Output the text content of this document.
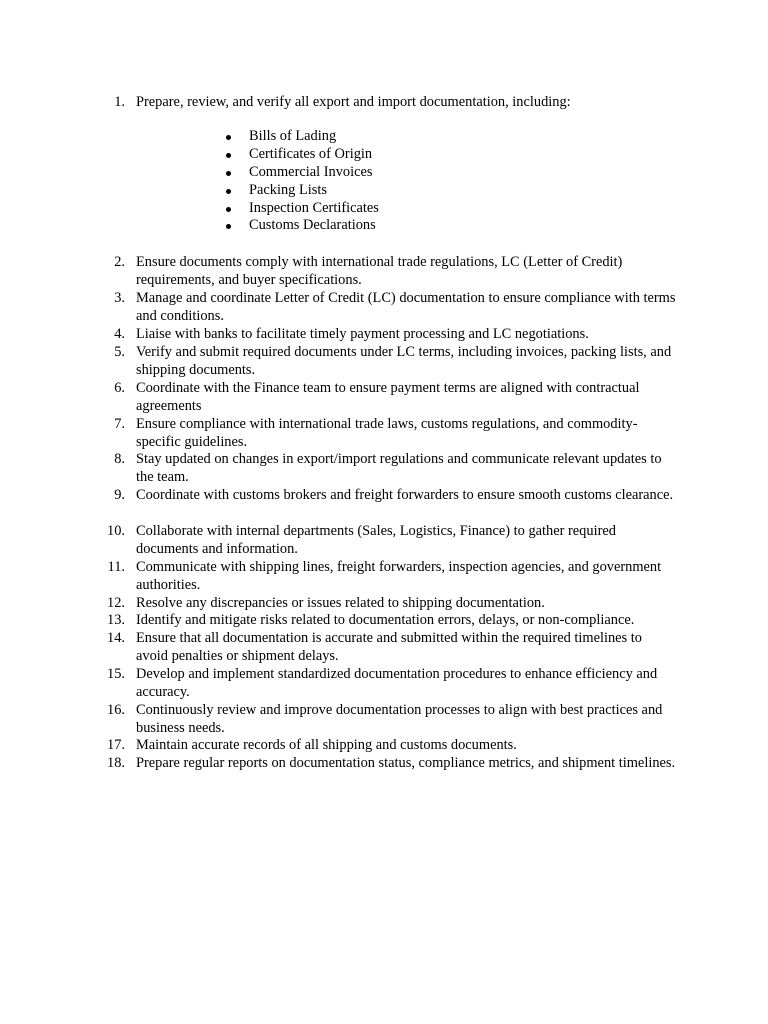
1. Prepare, review, and verify all export and import documentation, including:
Bills of Lading
Certificates of Origin
Commercial Invoices
Packing Lists
Inspection Certificates
Customs Declarations
2. Ensure documents comply with international trade regulations, LC (Letter of Credit) requirements, and buyer specifications.
3. Manage and coordinate Letter of Credit (LC) documentation to ensure compliance with terms and conditions.
4. Liaise with banks to facilitate timely payment processing and LC negotiations.
5. Verify and submit required documents under LC terms, including invoices, packing lists, and shipping documents.
6. Coordinate with the Finance team to ensure payment terms are aligned with contractual agreements
7. Ensure compliance with international trade laws, customs regulations, and commodity-specific guidelines.
8. Stay updated on changes in export/import regulations and communicate relevant updates to the team.
9. Coordinate with customs brokers and freight forwarders to ensure smooth customs clearance.
10. Collaborate with internal departments (Sales, Logistics, Finance) to gather required documents and information.
11. Communicate with shipping lines, freight forwarders, inspection agencies, and government authorities.
12. Resolve any discrepancies or issues related to shipping documentation.
13. Identify and mitigate risks related to documentation errors, delays, or non-compliance.
14. Ensure that all documentation is accurate and submitted within the required timelines to avoid penalties or shipment delays.
15. Develop and implement standardized documentation procedures to enhance efficiency and accuracy.
16. Continuously review and improve documentation processes to align with best practices and business needs.
17. Maintain accurate records of all shipping and customs documents.
18. Prepare regular reports on documentation status, compliance metrics, and shipment timelines.
